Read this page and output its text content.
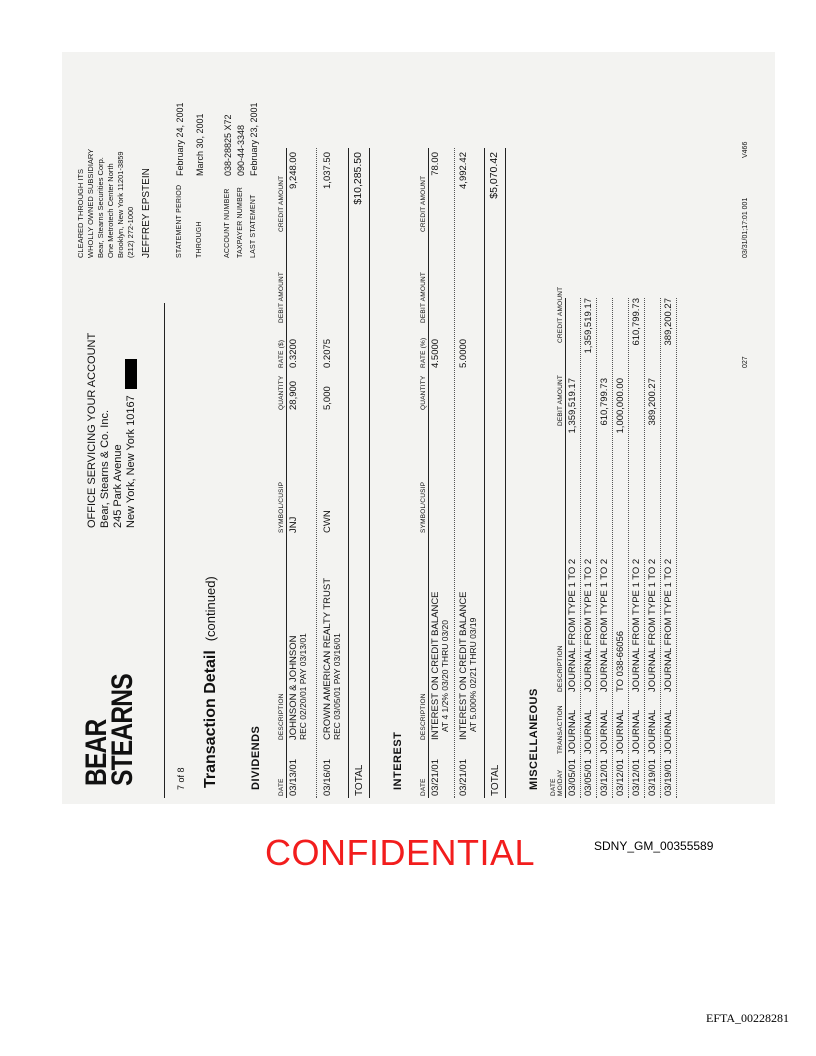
BEAR
STEARNS
OFFICE SERVICING YOUR ACCOUNT Bear, Stearns & Co. Inc. 245 Park Avenue New York, New York 10167
CLEARED THROUGH ITS WHOLLY OWNED SUBSIDIARY Bear, Stearns Securities Corp. One Metrotech Center North Brooklyn, New York 11201-3859 (212) 272-1000 JEFFREY EPSTEIN
7 of 8
STATEMENT PERIOD
February 24, 2001
THROUGH
March 30, 2001
ACCOUNT NUMBER
038-28825 X72
TAXPAYER NUMBER
090-44-3348
LAST STATEMENT
February 23, 2001
Transaction Detail  (continued)
DIVIDENDS DATE
DESCRIPTION
SYMBOL/CUSIP
QUANTITY
RATE ($)
DEBIT AMOUNT
CREDIT AMOUNT
03/13/01
JOHNSON & JOHNSON REC 02/20/01 PAY 03/13/01
JNJ
28,900
0.3200
9,248.00
03/16/01
CROWN AMERICAN REALTY TRUST REC 03/05/01 PAY 03/16/01
CWN
5,000
0.2075
1,037.50
TOTAL
$10,285.50
INTEREST DATE
DESCRIPTION
SYMBOL/CUSIP
QUANTITY
RATE (%)
DEBIT AMOUNT
CREDIT AMOUNT
03/21/01
INTEREST ON CREDIT BALANCE AT 4 1/2% 03/20 THRU 03/20
4.5000
78.00
03/21/01
INTEREST ON CREDIT BALANCE AT 5.000% 02/21 THRU 03/19
5.0000
4,992.42
TOTAL
$5,070.42
MISCELLANEOUS DATE MO/DAY
TRANSACTION
DESCRIPTION
DEBIT AMOUNT
CREDIT AMOUNT
03/05/01
JOURNAL
JOURNAL FROM TYPE 1 TO 2
1,359,519.17
03/05/01
JOURNAL
JOURNAL FROM TYPE 1 TO 2
1,359,519.17
03/12/01
JOURNAL
JOURNAL FROM TYPE 1 TO 2
610,799.73
03/12/01
JOURNAL
TO 038-66056
1,000,000.00
03/12/01
JOURNAL
JOURNAL FROM TYPE 1 TO 2
610,799.73
03/19/01
JOURNAL
JOURNAL FROM TYPE 1 TO 2
389,200.27
03/19/01
JOURNAL
JOURNAL FROM TYPE 1 TO 2
389,200.27
027
03/31/01;17:01 001
V466
CONFIDENTIAL	SDNY_GM_00355589
EFTA_00228281
